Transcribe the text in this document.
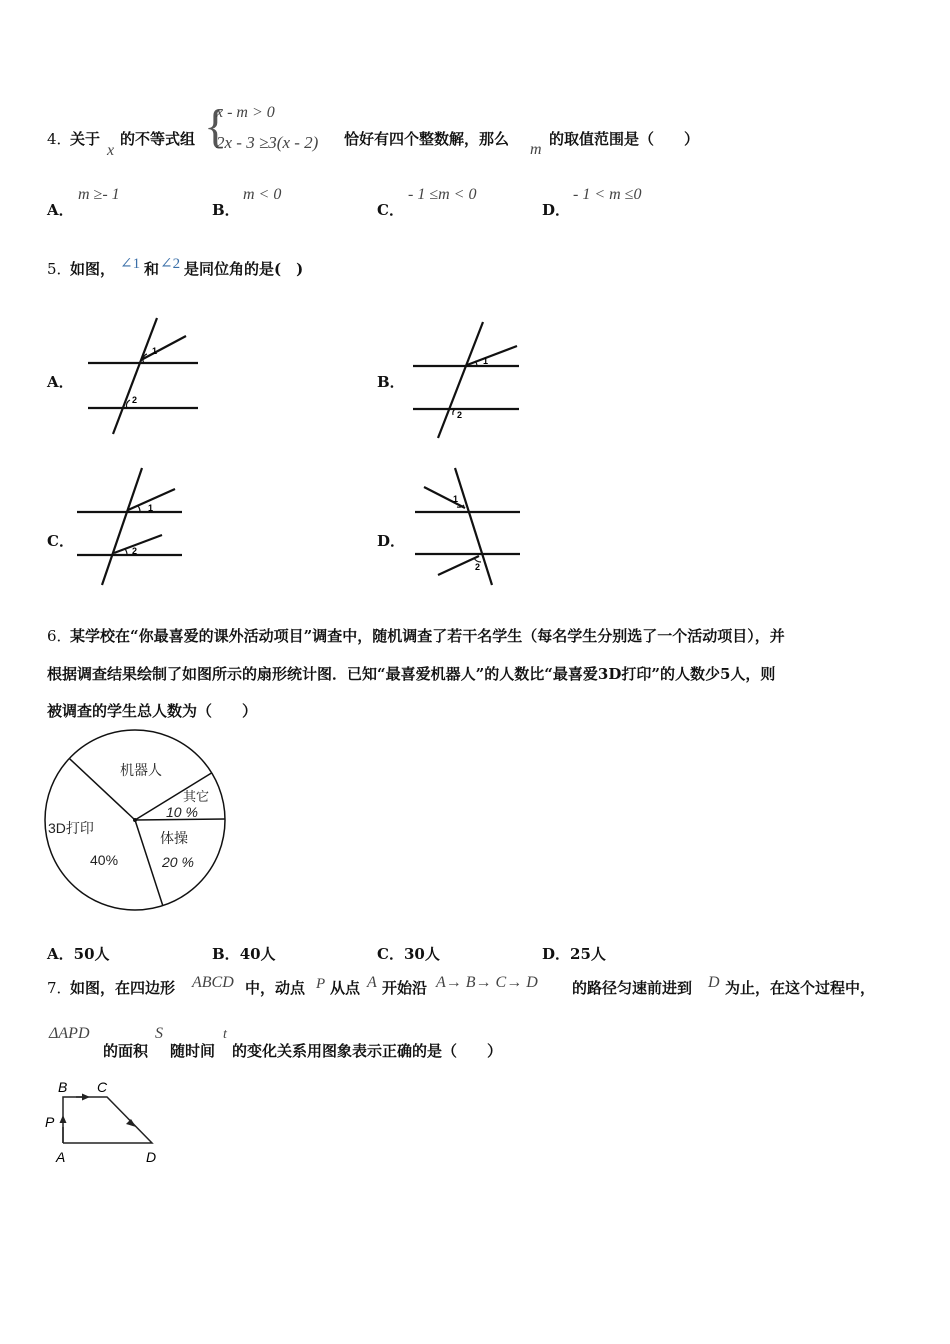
4．
关于
x
的不等式组 {
x - m > 0
2x - 3 ≥3(x - 2) 恰好有四个整数解，那么
m
的取值范围是（　　）
A．
m ≥- 1
B．
m < 0
C．
- 1 ≤m < 0
D．
- 1 < m ≤0
5．
如图， ∠1 和 ∠2 是同位角的是(　)
A．
1
2
B．
1
2
C．
1
2
D．
1
2
6．
某学校在“你最喜爱的课外活动项目”调查中，随机调查了若干名学生（每名学生分别选了一个活动项目），并
根据调查结果绘制了如图所示的扇形统计图．已知“最喜爱机器人”的人数比“最喜爱3D打印”的人数少5人，则
被调查的学生总人数为（　　）
机器人
其它
10 %
3D打印
40%
体操
20 %
A．50人	B．40人	C．30人	D．25人
7．
如图，在四边形 ABCD 中，动点 P 从点 A 开始沿 A→ B→ C→ D 的路径匀速前进到 D 为止，在这个过程中，
ΔAPD
的面积
S
随时间
t
的变化关系用图象表示正确的是（　　）
B C
P
A	D
